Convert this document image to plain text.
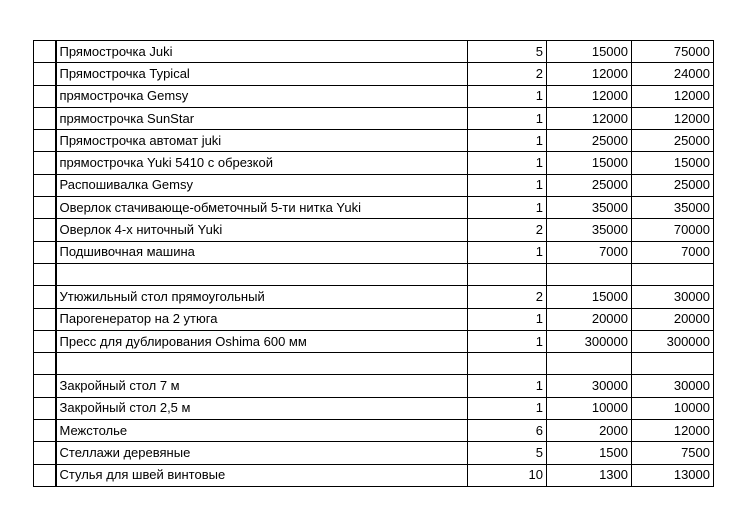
	Прямострочка Juki	5	15000	75000
	Прямострочка Typical	2	12000	24000
	прямострочка Gemsy	1	12000	12000
	прямострочка SunStar	1	12000	12000
	Прямострочка автомат juki	1	25000	25000
	прямострочка Yuki 5410 с обрезкой	1	15000	15000
	Распошивалка Gemsy	1	25000	25000
	Оверлок стачивающе-обметочный 5-ти нитка Yuki	1	35000	35000
	Оверлок 4-х ниточный Yuki	2	35000	70000
	Подшивочная машина	1	7000	7000

	Утюжильный стол прямоугольный	2	15000	30000
	Парогенератор на 2 утюга	1	20000	20000
	Пресс для дублирования Oshima 600 мм	1	300000	300000

	Закройный стол 7 м	1	30000	30000
	Закройный стол 2,5 м	1	10000	10000
	Межстолье	6	2000	12000
	Стеллажи деревяные	5	1500	7500
	Стулья для швей винтовые	10	1300	13000
